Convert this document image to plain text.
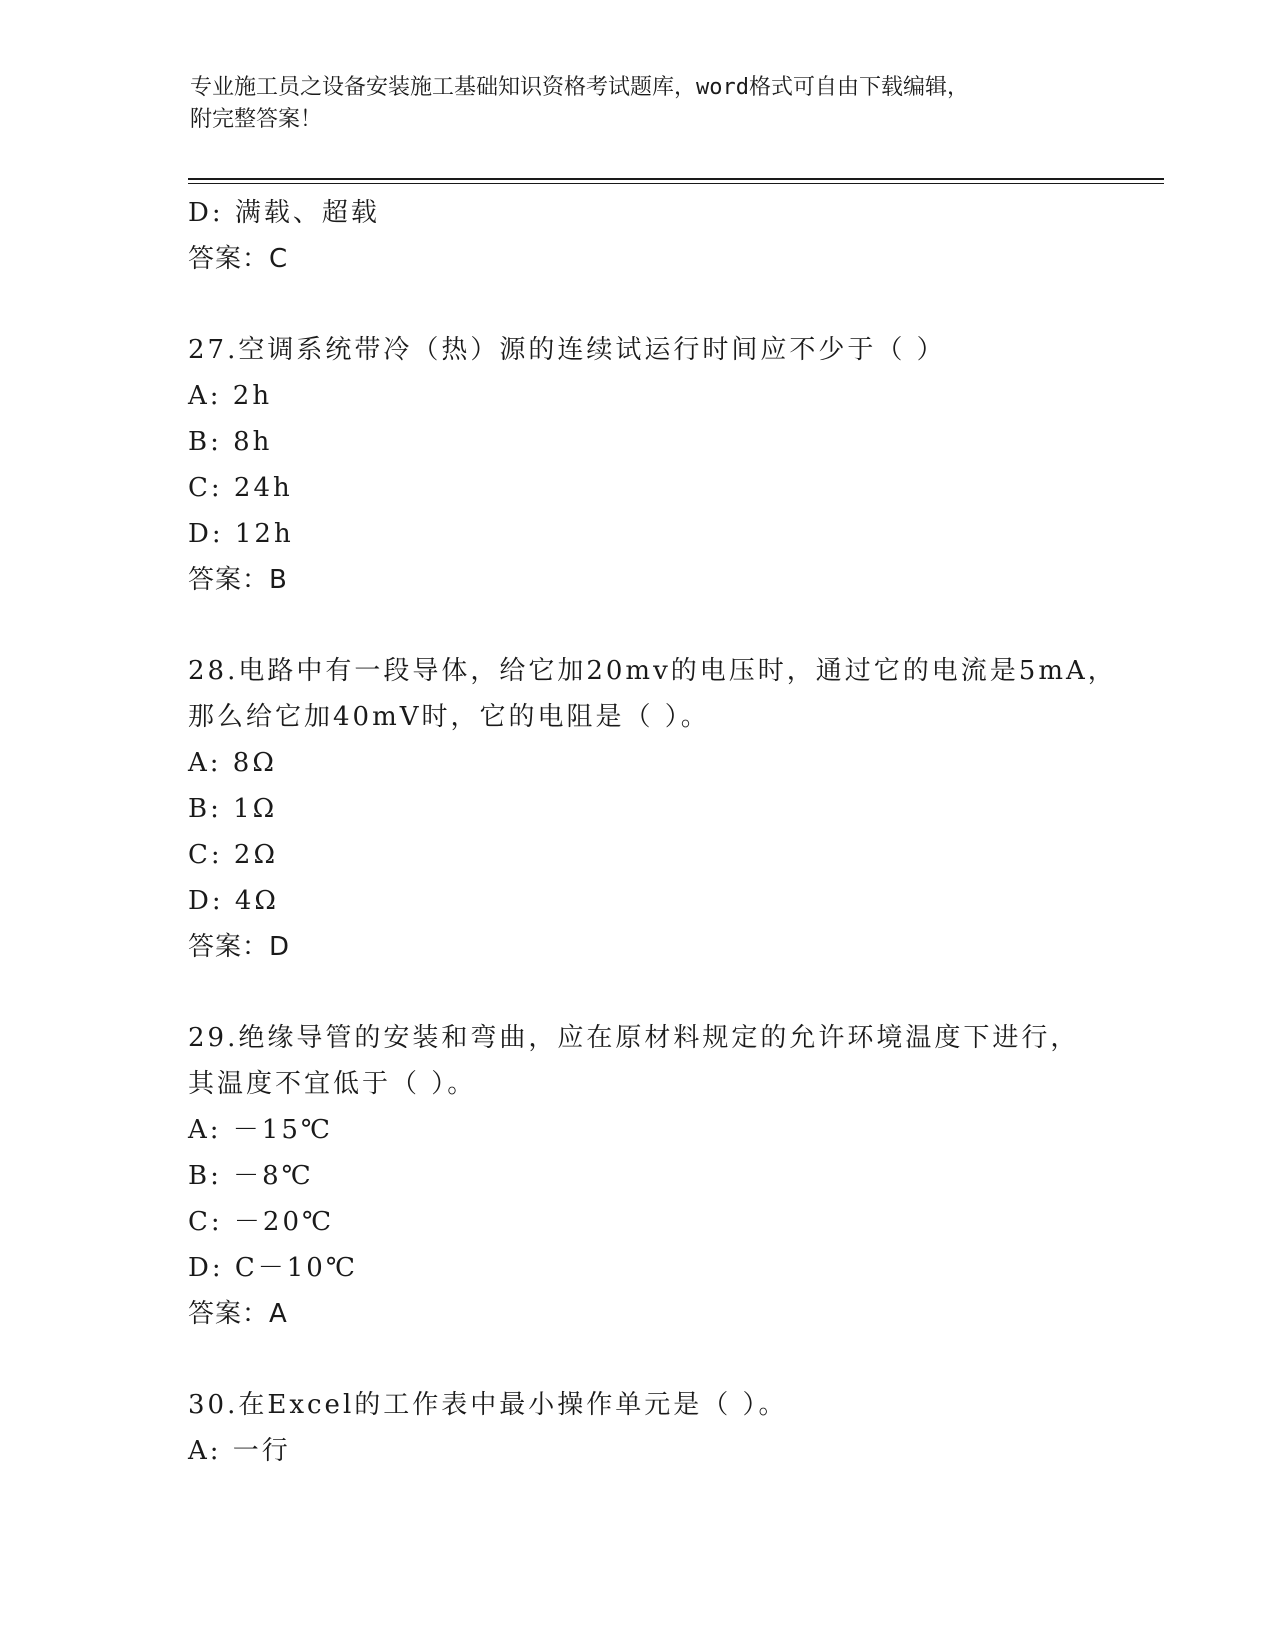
专业施工员之设备安装施工基础知识资格考试题库，word格式可自由下载编辑，
附完整答案！
D: 满载、超载
答案：C
27.空调系统带冷（热）源的连续试运行时间应不少于（ ）
A: 2h
B: 8h
C: 24h
D: 12h
答案：B
28.电路中有一段导体，给它加20mv的电压时，通过它的电流是5mA，
那么给它加40mV时，它的电阻是（ ）。
A: 8Ω
B: 1Ω
C: 2Ω
D: 4Ω
答案：D
29.绝缘导管的安装和弯曲，应在原材料规定的允许环境温度下进行，
其温度不宜低于（ ）。
A: －15℃
B: －8℃
C: －20℃
D: C－10℃
答案：A
30.在Excel的工作表中最小操作单元是（ ）。
A: 一行
